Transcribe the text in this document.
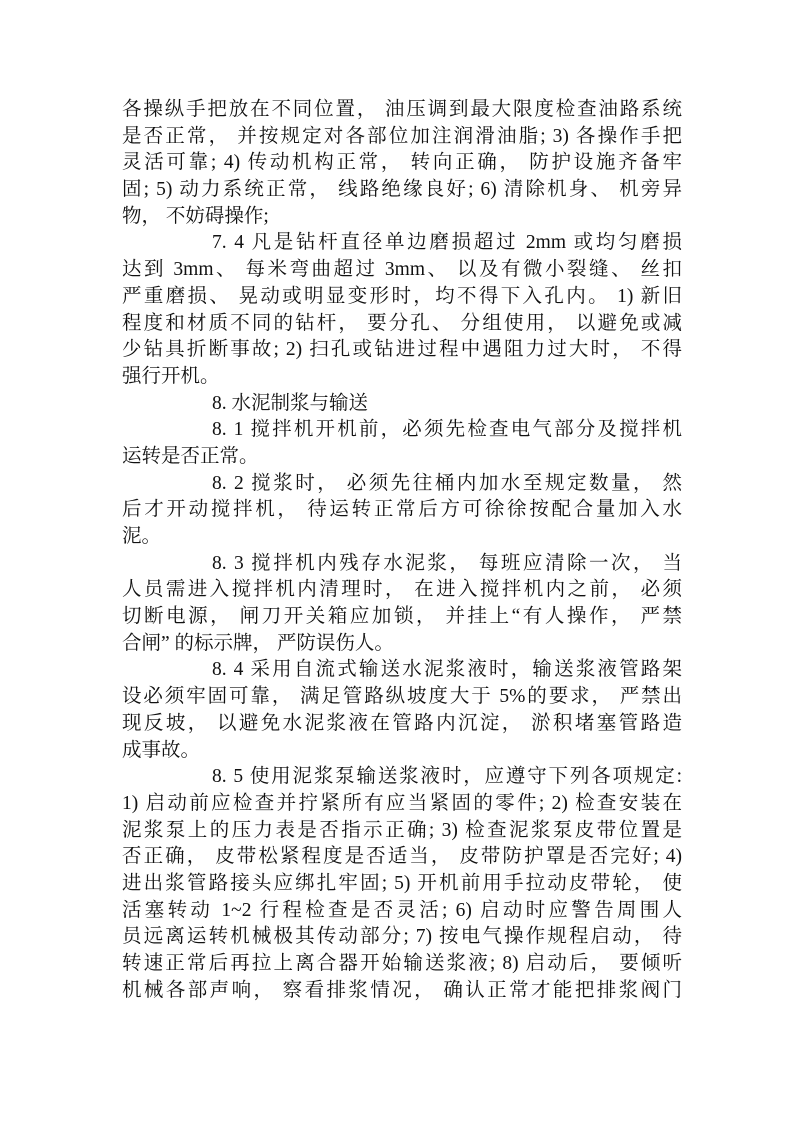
各操纵手把放在不同位置， 油压调到最大限度检查油路系统
是否正常， 并按规定对各部位加注润滑油脂; 3) 各操作手把
灵活可靠; 4) 传动机构正常， 转向正确， 防护设施齐备牢
固; 5) 动力系统正常， 线路绝缘良好; 6) 清除机身、 机旁异
物， 不妨碍操作;
7. 4 凡是钻杆直径单边磨损超过 2mm 或均匀磨损
达到 3mm、 每米弯曲超过 3mm、 以及有微小裂缝、 丝扣
严重磨损、 晃动或明显变形时，均不得下入孔内。 1) 新旧
程度和材质不同的钻杆， 要分孔、 分组使用， 以避免或减
少钻具折断事故; 2) 扫孔或钻进过程中遇阻力过大时， 不得
强行开机。
8. 水泥制浆与输送
8. 1 搅拌机开机前，必须先检查电气部分及搅拌机
运转是否正常。
8. 2 搅浆时， 必须先往桶内加水至规定数量， 然
后才开动搅拌机， 待运转正常后方可徐徐按配合量加入水
泥。
8. 3 搅拌机内残存水泥浆， 每班应清除一次， 当
人员需进入搅拌机内清理时， 在进入搅拌机内之前， 必须
切断电源， 闸刀开关箱应加锁， 并挂上“有人操作， 严禁
合闸” 的标示牌， 严防误伤人。
8. 4 采用自流式输送水泥浆液时，输送浆液管路架
设必须牢固可靠， 满足管路纵坡度大于 5%的要求， 严禁出
现反坡， 以避免水泥浆液在管路内沉淀， 淤积堵塞管路造
成事故。
8. 5 使用泥浆泵输送浆液时，应遵守下列各项规定:
1) 启动前应检查并拧紧所有应当紧固的零件; 2) 检查安装在
泥浆泵上的压力表是否指示正确; 3) 检查泥浆泵皮带位置是
否正确， 皮带松紧程度是否适当， 皮带防护罩是否完好; 4)
进出浆管路接头应绑扎牢固; 5) 开机前用手拉动皮带轮， 使
活塞转动 1~2 行程检查是否灵活; 6) 启动时应警告周围人
员远离运转机械极其传动部分; 7) 按电气操作规程启动， 待
转速正常后再拉上离合器开始输送浆液; 8) 启动后， 要倾听
机械各部声响， 察看排浆情况， 确认正常才能把排浆阀门
